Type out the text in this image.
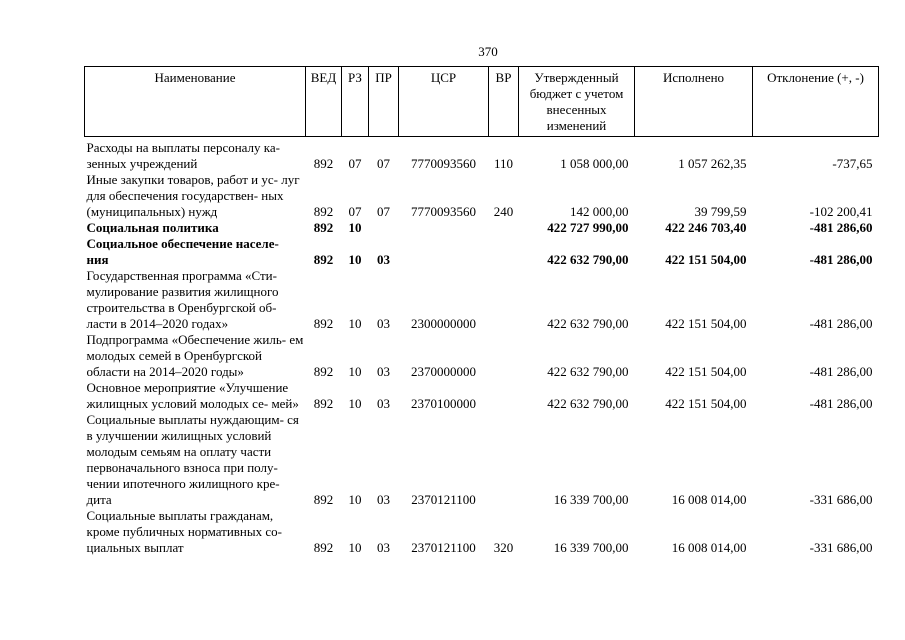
370
Наименование	ВЕД	РЗ	ПР	ЦСР	ВР	Утвержденный бюджет с учетом внесенных изменений	Исполнено	Отклонение (+, -)
Расходы на выплаты персоналу ка- зенных учреждений	892	07	07	7770093560	110	1 058 000,00	1 057 262,35	-737,65
Иные закупки товаров, работ и ус- луг для обеспечения государствен- ных (муниципальных) нужд	892	07	07	7770093560	240	142 000,00	39 799,59	-102 200,41
Социальная политика	892	10				422 727 990,00	422 246 703,40	-481 286,60
Социальное обеспечение населе- ния	892	10	03			422 632 790,00	422 151 504,00	-481 286,00
Государственная программа «Сти- мулирование развития жилищного строительства в Оренбургской об- ласти в 2014–2020 годах»	892	10	03	2300000000		422 632 790,00	422 151 504,00	-481 286,00
Подпрограмма «Обеспечение жиль- ем молодых семей в Оренбургской области на 2014–2020 годы»	892	10	03	2370000000		422 632 790,00	422 151 504,00	-481 286,00
Основное мероприятие «Улучшение жилищных условий молодых се- мей»	892	10	03	2370100000		422 632 790,00	422 151 504,00	-481 286,00
Социальные выплаты нуждающим- ся в улучшении жилищных условий молодым семьям на оплату части первоначального взноса при полу- чении ипотечного жилищного кре- дита	892	10	03	2370121100		16 339 700,00	16 008 014,00	-331 686,00
Социальные выплаты гражданам, кроме публичных нормативных со- циальных выплат	892	10	03	2370121100	320	16 339 700,00	16 008 014,00	-331 686,00
